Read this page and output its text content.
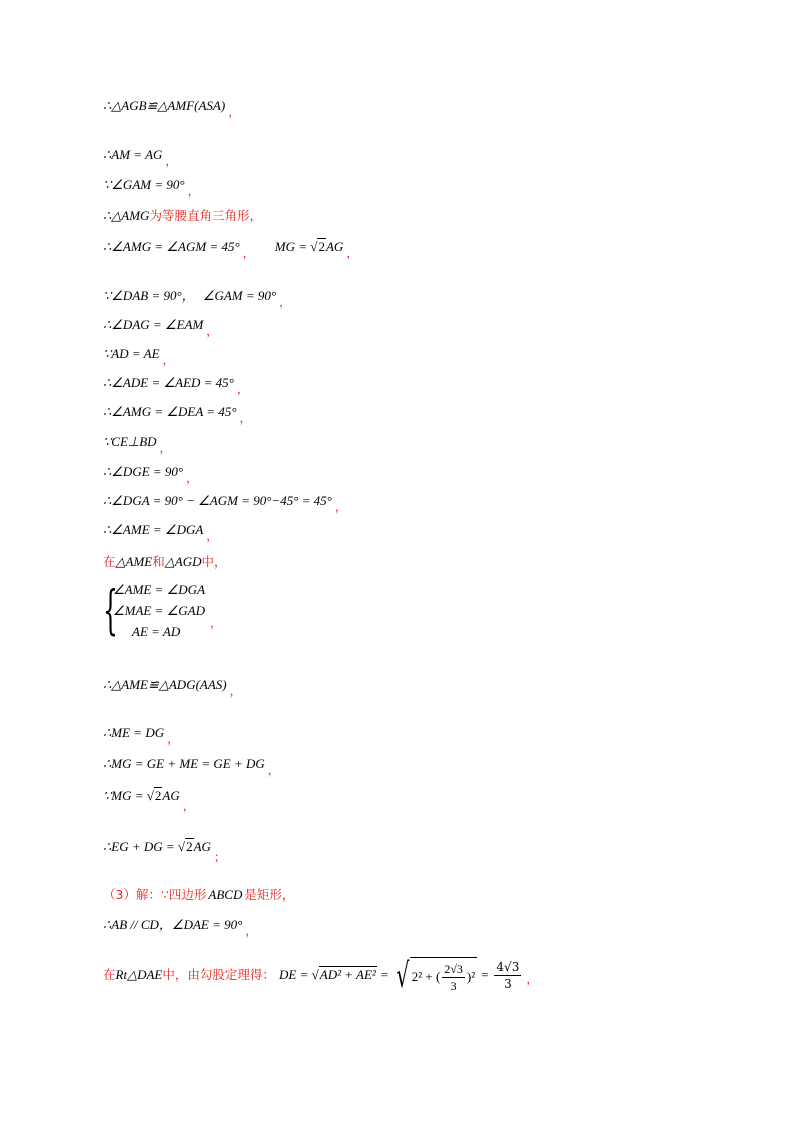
∴△AGB≌△AMF(ASA) ，
∴AM = AG ，
∵∠GAM = 90° ，
∴△AMG为等腰直角三角形，
∴∠AMG = ∠AGM = 45° ， MG = √2AG ，
∵∠DAB = 90°， ∠GAM = 90° ，
∴∠DAG = ∠EAM ，
∵AD = AE ，
∴∠ADE = ∠AED = 45° ，
∴∠AMG = ∠DEA = 45° ，
∵CE⊥BD ，
∴∠DGE = 90° ，
∴∠DGA = 90° − ∠AGM = 90°−45° = 45° ，
∴∠AME = ∠DGA ，
在△AME和△AGD中，
{
∠AME = ∠DGA
∠MAE = ∠GAD
AE = AD
，
∴△AME≌△ADG(AAS) ，
∴ME = DG ，
∴MG = GE + ME = GE + DG ，
∵MG = √2AG，
∴EG + DG = √2AG；
（3）解：∵四边形 ABCD 是矩形，
∴AB // CD，∠DAE = 90° ，
在Rt△DAE中，由勾股定理得： DE = √AD² + AE² = √ 2² + ( $\frac{2√3}{3} )^2 = \frac{4√3}{3}$ ，
